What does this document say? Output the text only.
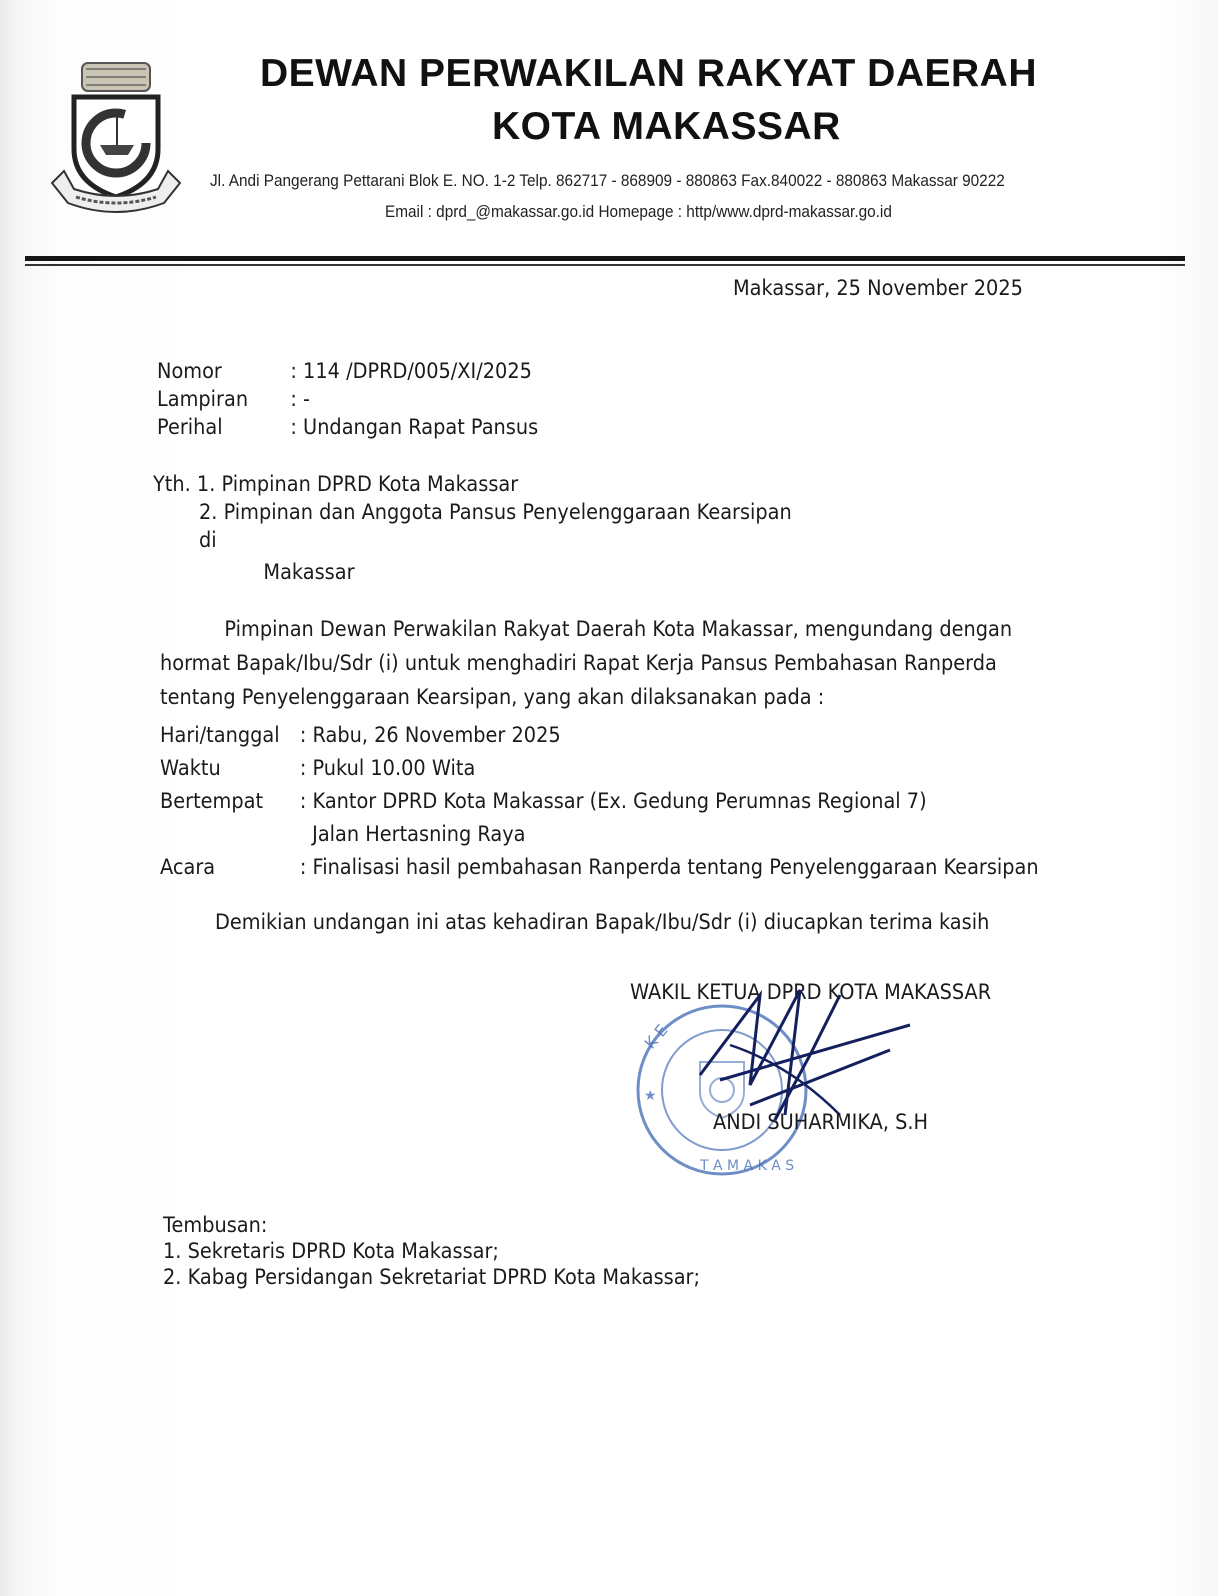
DEWAN PERWAKILAN RAKYAT DAERAH
KOTA MAKASSAR
Jl. Andi Pangerang Pettarani Blok E. NO. 1-2 Telp. 862717 - 868909 - 880863 Fax.840022 - 880863 Makassar 90222
Email : dprd_@makassar.go.id Homepage : http/www.dprd-makassar.go.id
Makassar, 25 November 2025
Nomor	: 114 /DPRD/005/XI/2025
Lampiran	: -
Perihal	: Undangan Rapat Pansus
Yth. 1. Pimpinan DPRD Kota Makassar
2. Pimpinan dan Anggota Pansus Penyelenggaraan Kearsipan
di
Makassar
Pimpinan Dewan Perwakilan Rakyat Daerah Kota Makassar, mengundang dengan
hormat Bapak/Ibu/Sdr (i) untuk menghadiri Rapat Kerja Pansus Pembahasan Ranperda
tentang Penyelenggaraan Kearsipan, yang akan dilaksanakan pada :
Hari/tanggal : Rabu, 26 November 2025
Waktu	: Pukul 10.00 Wita
Bertempat	: Kantor DPRD Kota Makassar (Ex. Gedung Perumnas Regional 7)
Jalan Hertasning Raya
Acara	: Finalisasi hasil pembahasan Ranperda tentang Penyelenggaraan Kearsipan
Demikian undangan ini atas kehadiran Bapak/Ibu/Sdr (i) diucapkan terima kasih
K E
T A M A K A S
★
WAKIL KETUA DPRD KOTA MAKASSAR
ANDI SUHARMIKA, S.H
Tembusan:
1. Sekretaris DPRD Kota Makassar;
2. Kabag Persidangan Sekretariat DPRD Kota Makassar;
